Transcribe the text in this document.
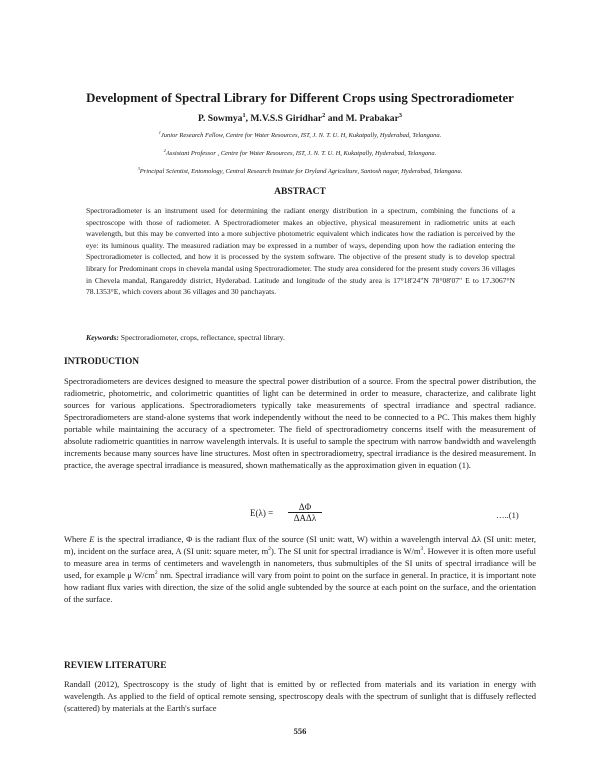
Development of Spectral Library for Different Crops using Spectroradiometer
P. Sowmya$^1$, M.V.S.S Giridhar$^2$ and M. Prabakar$^3$
$^1$Junior Research Fellow, Centre for Water Resources, IST, J. N. T. U. H, Kukatpally, Hyderabad, Telangana.
$^2$Assistant Professor , Centre for Water Resources, IST, J. N. T. U. H, Kukatpally, Hyderabad, Telangana.
$^3$Principal Scientist, Entomology, Central Research Institute for Dryland Agriculture, Santosh nagar, Hyderabad, Telangana.
ABSTRACT
Spectroradiometer is an instrument used for determining the radiant energy distribution in a spectrum, combining the functions of a spectroscope with those of radiometer. A Spectroradiometer makes an objective, physical measurement in radiometric units at each wavelength, but this may be converted into a more subjective photometric equivalent which indicates how the radiation is perceived by the eye: its luminous quality. The measured radiation may be expressed in a number of ways, depending upon how the radiation entering the Spectroradiometer is collected, and how it is processed by the system software. The objective of the present study is to develop spectral library for Predominant crops in chevela mandal using Spectroradiometer. The study area considered for the present study covers 36 villages in Chevela mandal, Rangareddy district, Hyderabad. Latitude and longitude of the study area is 17°18'24"N 78°08'07" E to 17.3067°N 78.1353°E, which covers about 36 villages and 30 panchayats.
Keywords: Spectroradiometer, crops, reflectance, spectral library.
INTRODUCTION
Spectroradiometers are devices designed to measure the spectral power distribution of a source. From the spectral power distribution, the radiometric, photometric, and colorimetric quantities of light can be determined in order to measure, characterize, and calibrate light sources for various applications. Spectroradiometers typically take measurements of spectral irradiance and spectral radiance. Spectroradiometers are stand-alone systems that work independently without the need to be connected to a PC. This makes them highly portable while maintaining the accuracy of a spectrometer. The field of spectroradiometry concerns itself with the measurement of absolute radiometric quantities in narrow wavelength intervals. It is useful to sample the spectrum with narrow bandwidth and wavelength increments because many sources have line structures. Most often in spectroradiometry, spectral irradiance is the desired measurement. In practice, the average spectral irradiance is measured, shown mathematically as the approximation given in equation (1).
E(λ) =
ΔΦ
ΔAΔλ	…..(1)
Where E is the spectral irradiance, Φ is the radiant flux of the source (SI unit: watt, W) within a wavelength interval Δλ (SI unit: meter, m), incident on the surface area, A (SI unit: square meter, $m^2$). The SI unit for spectral irradiance is $W/m^3$. However it is often more useful to measure area in terms of centimeters and wavelength in nanometers, thus submultiples of the SI units of spectral irradiance will be used, for example μ $W/cm^2$ nm. Spectral irradiance will vary from point to point on the surface in general. In practice, it is important note how radiant flux varies with direction, the size of the solid angle subtended by the source at each point on the surface, and the orientation of the surface.
REVIEW LITERATURE
Randall (2012), Spectroscopy is the study of light that is emitted by or reflected from materials and its variation in energy with wavelength. As applied to the field of optical remote sensing, spectroscopy deals with the spectrum of sunlight that is diffusely reflected (scattered) by materials at the Earth's surface
556
